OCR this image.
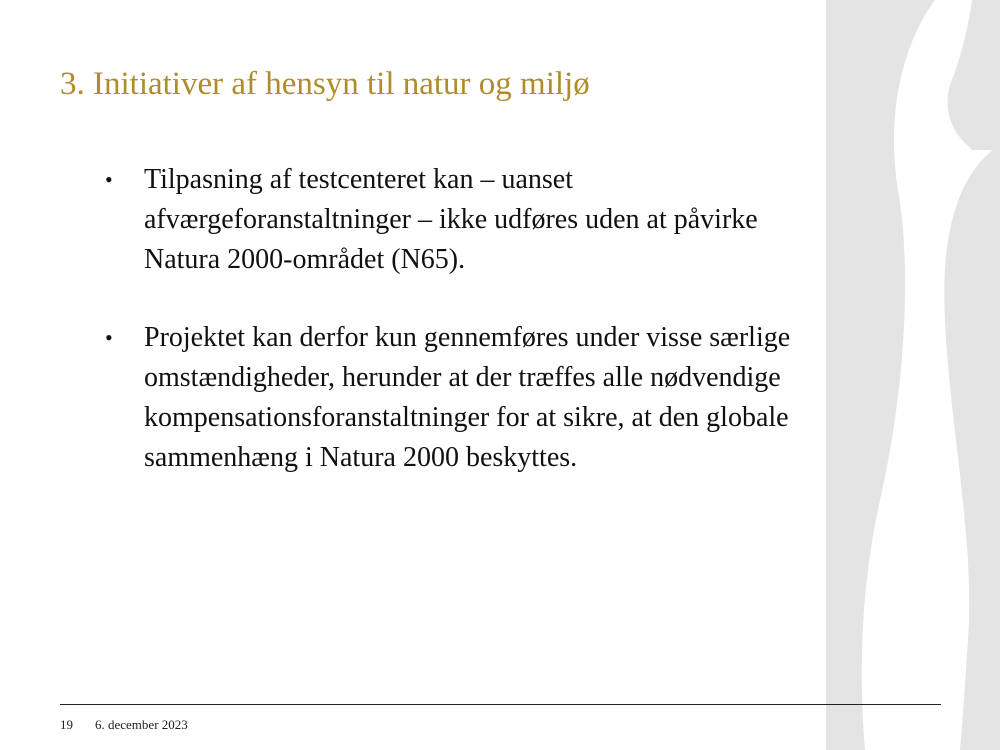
3. Initiativer af hensyn til natur og miljø
• Tilpasning af testcenteret kan – uanset afværgeforanstaltninger – ikke udføres uden at påvirke Natura 2000-området (N65).
• Projektet kan derfor kun gennemføres under visse særlige omstændigheder, herunder at der træffes alle nødvendige kompensationsforanstaltninger for at sikre, at den globale sammenhæng i Natura 2000 beskyttes.
19 6. december 2023
